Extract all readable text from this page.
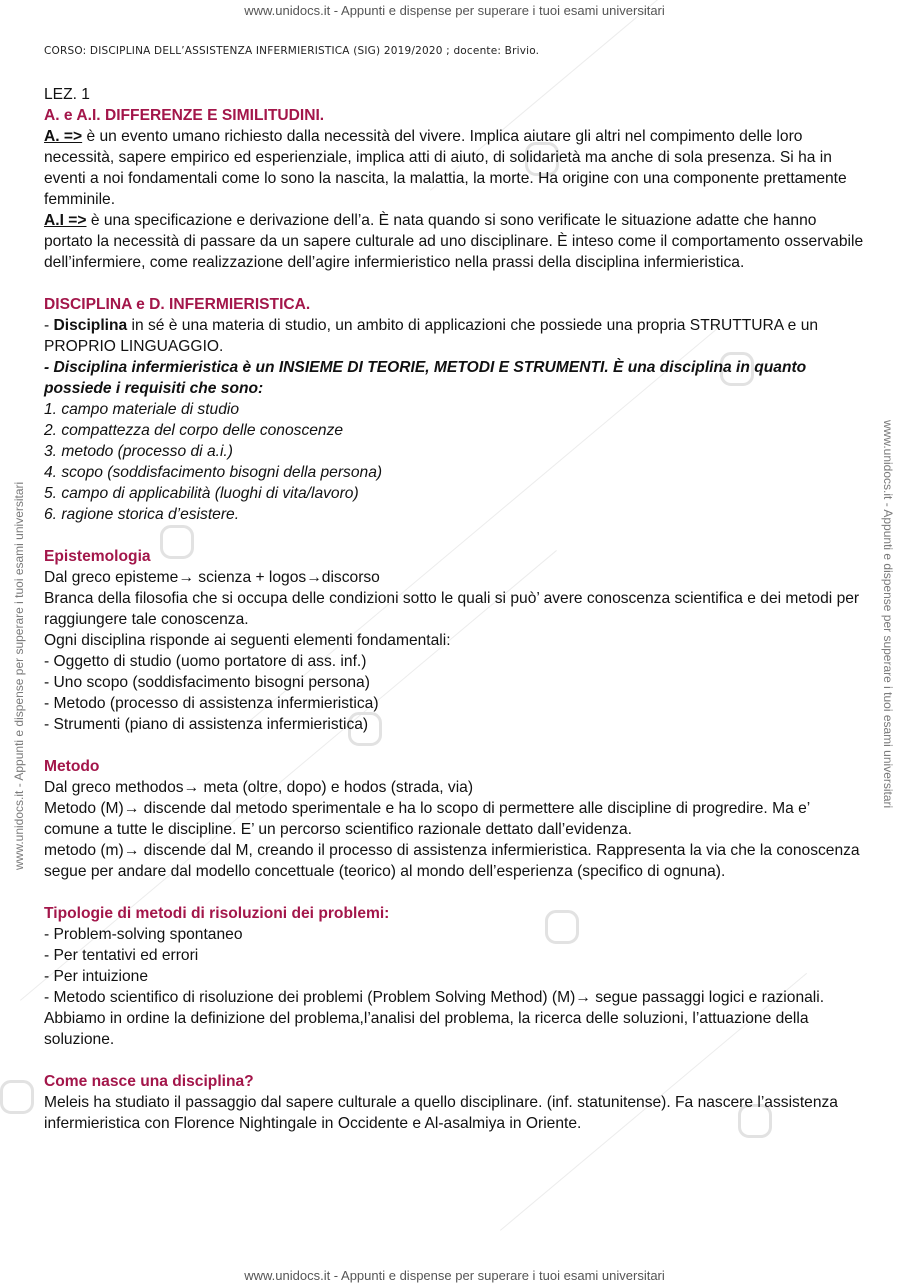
www.unidocs.it - Appunti e dispense per superare i tuoi esami universitari
www.unidocs.it - Appunti e dispense per superare i tuoi esami universitari
www.unidocs.it - Appunti e dispense per superare i tuoi esami universitari	www.unidocs.it - Appunti e dispense per superare i tuoi esami universitari
CORSO: DISCIPLINA DELL’ASSISTENZA INFERMIERISTICA (SIG) 2019/2020 ; docente: Brivio.

LEZ. 1

A. e A.I. DIFFERENZE E SIMILITUDINI.

A. => è un evento umano richiesto dalla necessità del vivere. Implica aiutare gli altri nel compimento delle loro necessità, sapere empirico ed esperienziale, implica atti di aiuto, di solidarietà ma anche di sola presenza. Si ha in eventi a noi fondamentali come lo sono la nascita, la malattia, la morte. Ha origine con una componente prettamente femminile.

A.I => è una specificazione e derivazione dell’a. È nata quando si sono verificate le situazione adatte che hanno portato la necessità di passare da un sapere culturale ad uno disciplinare. È inteso come il comportamento osservabile dell’infermiere, come realizzazione dell’agire infermieristico nella prassi della disciplina infermieristica.

DISCIPLINA e D. INFERMIERISTICA.

- Disciplina in sé è una materia di studio, un ambito di applicazioni che possiede una propria STRUTTURA e un PROPRIO LINGUAGGIO.

- Disciplina infermieristica è un INSIEME DI TEORIE, METODI E STRUMENTI. È una disciplina in quanto possiede i requisiti che sono:

1. campo materiale di studio

2. compattezza del corpo delle conoscenze

3. metodo (processo di a.i.)

4. scopo (soddisfacimento bisogni della persona)

5. campo di applicabilità (luoghi di vita/lavoro)

6. ragione storica d’esistere.

Epistemologia

Dal greco episteme→ scienza + logos→discorso

Branca della filosofia che si occupa delle condizioni sotto le quali si può’ avere conoscenza scientifica e dei metodi per raggiungere tale conoscenza.

Ogni disciplina risponde ai seguenti elementi fondamentali:

- Oggetto di studio (uomo portatore di ass. inf.)

- Uno scopo (soddisfacimento bisogni persona)

- Metodo (processo di assistenza infermieristica)

- Strumenti (piano di assistenza infermieristica)

Metodo

Dal greco methodos→ meta (oltre, dopo) e hodos (strada, via)

Metodo (M)→ discende dal metodo sperimentale e ha lo scopo di permettere alle discipline di progredire. Ma e’ comune a tutte le discipline. E’ un percorso scientifico razionale dettato dall’evidenza.

metodo (m)→ discende dal M, creando il processo di assistenza infermieristica. Rappresenta la via che la conoscenza segue per andare dal modello concettuale (teorico) al mondo dell’esperienza (specifico di ognuna).

Tipologie di metodi di risoluzioni dei problemi:

- Problem-solving spontaneo

- Per tentativi ed errori

- Per intuizione

- Metodo scientifico di risoluzione dei problemi (Problem Solving Method) (M)→ segue passaggi logici e razionali. Abbiamo in ordine la definizione del problema,l’analisi del problema, la ricerca delle soluzioni, l’attuazione della soluzione.

Come nasce una disciplina?

Meleis ha studiato il passaggio dal sapere culturale a quello disciplinare. (inf. statunitense). Fa nascere l’assistenza infermieristica con Florence Nightingale in Occidente e Al-asalmiya in Oriente.
